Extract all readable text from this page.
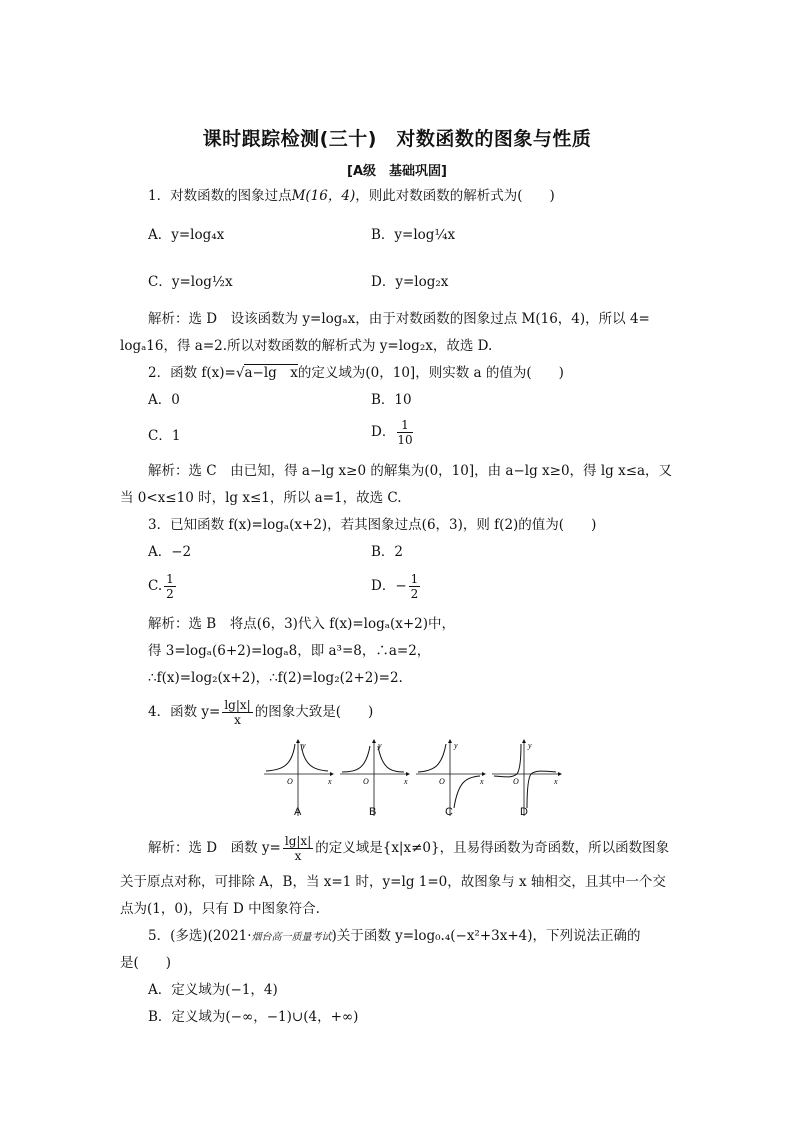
课时跟踪检测(三十)　对数函数的图象与性质
[A级　基础巩固]
1．对数函数的图象过点M(16，4)，则此对数函数的解析式为(　　)
A．y=log₄x	B．y=log¼x
C．y=log½x	D．y=log₂x
解析：选 D　设该函数为 y=logₐx，由于对数函数的图象过点 M(16，4)，所以 4=
logₐ16，得 a=2.所以对数函数的解析式为 y=log₂x，故选 D.
2．函数 f(x)=√a−lg　x的定义域为(0，10]，则实数 a 的值为(　　)
A．0	B．10
C．1	D． $\frac{1}{10}$
解析：选 C　由已知，得 a−lg x≥0 的解集为(0，10]，由 a−lg x≥0，得 lg x≤a，又
当 0<x≤10 时，lg x≤1，所以 a=1，故选 C.
3．已知函数 f(x)=logₐ(x+2)，若其图象过点(6，3)，则 f(2)的值为(　　)
A．−2	B．2
C. $\frac{1}{2}$	D．− $\frac{1}{2}$
解析：选 B　将点(6，3)代入 f(x)=logₐ(x+2)中，
得 3=logₐ(6+2)=logₐ8，即 a³=8，∴a=2，
∴f(x)=log₂(x+2)，∴f(2)=log₂(2+2)=2.
4．函数 $y= \frac{\lg|x|}{x}$ 的图象大致是(　　)
O
y
x	O
y
x	O
y
x	O
y
x
A	B	C	D
解析：选 D　函数 $y= \frac{\lg|x|}{x}$ 的定义域是{x|x≠0}，且易得函数为奇函数，所以函数图象
关于原点对称，可排除 A，B，当 x=1 时，y=lg 1=0，故图象与 x 轴相交，且其中一个交
点为(1，0)，只有 D 中图象符合.
5．(多选)(2021·烟台高一质量考试)关于函数 y=log₀.₄(−x²+3x+4)，下列说法正确的
是(　　)
A．定义域为(−1，4)
B．定义域为(−∞，−1)∪(4，+∞)
